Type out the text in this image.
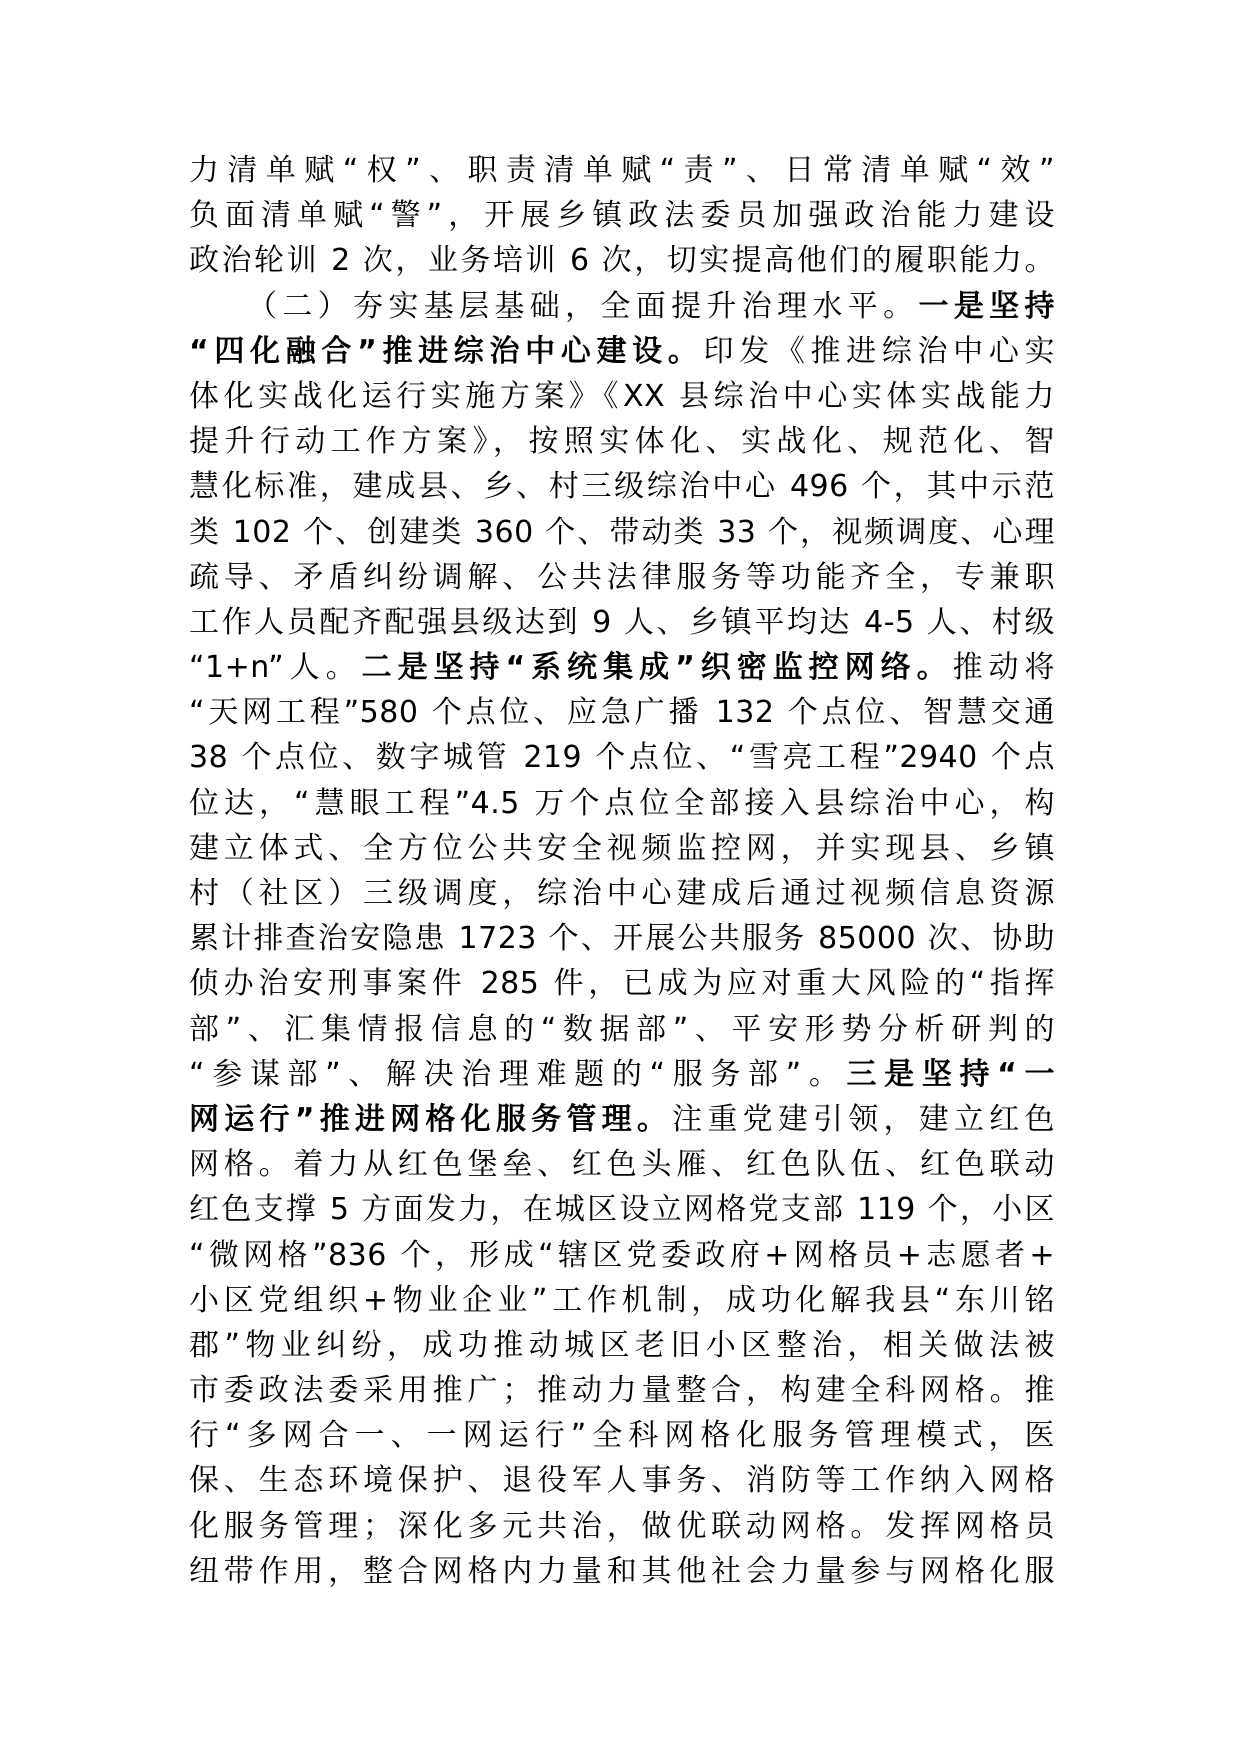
力清单赋“权”、职责清单赋“责”、日常清单赋“效”
负面清单赋“警”，开展乡镇政法委员加强政治能力建设
政治轮训 2 次，业务培训 6 次，切实提高他们的履职能力。
（二）夯实基层基础，全面提升治理水平。一是坚持
“四化融合”推进综治中心建设。印发《推进综治中心实
体化实战化运行实施方案》《XX 县综治中心实体实战能力
提升行动工作方案》，按照实体化、实战化、规范化、智
慧化标准，建成县、乡、村三级综治中心 496 个，其中示范
类 102 个、创建类 360 个、带动类 33 个，视频调度、心理
疏导、矛盾纠纷调解、公共法律服务等功能齐全，专兼职
工作人员配齐配强县级达到 9 人、乡镇平均达 4-5 人、村级
“1+n”人。二是坚持“系统集成”织密监控网络。推动将
“天网工程”580 个点位、应急广播 132 个点位、智慧交通
38 个点位、数字城管 219 个点位、“雪亮工程”2940 个点
位达，“慧眼工程”4.5 万个点位全部接入县综治中心，构
建立体式、全方位公共安全视频监控网，并实现县、乡镇
村（社区）三级调度，综治中心建成后通过视频信息资源
累计排查治安隐患 1723 个、开展公共服务 85000 次、协助
侦办治安刑事案件 285 件，已成为应对重大风险的“指挥
部”、汇集情报信息的“数据部”、平安形势分析研判的
“参谋部”、解决治理难题的“服务部”。三是坚持“一
网运行”推进网格化服务管理。注重党建引领，建立红色
网格。着力从红色堡垒、红色头雁、红色队伍、红色联动
红色支撑 5 方面发力，在城区设立网格党支部 119 个，小区
“微网格”836 个，形成“辖区党委政府+网格员+志愿者+
小区党组织+物业企业”工作机制，成功化解我县“东川铭
郡”物业纠纷，成功推动城区老旧小区整治，相关做法被
市委政法委采用推广；推动力量整合，构建全科网格。推
行“多网合一、一网运行”全科网格化服务管理模式，医
保、生态环境保护、退役军人事务、消防等工作纳入网格
化服务管理；深化多元共治，做优联动网格。发挥网格员
纽带作用，整合网格内力量和其他社会力量参与网格化服
